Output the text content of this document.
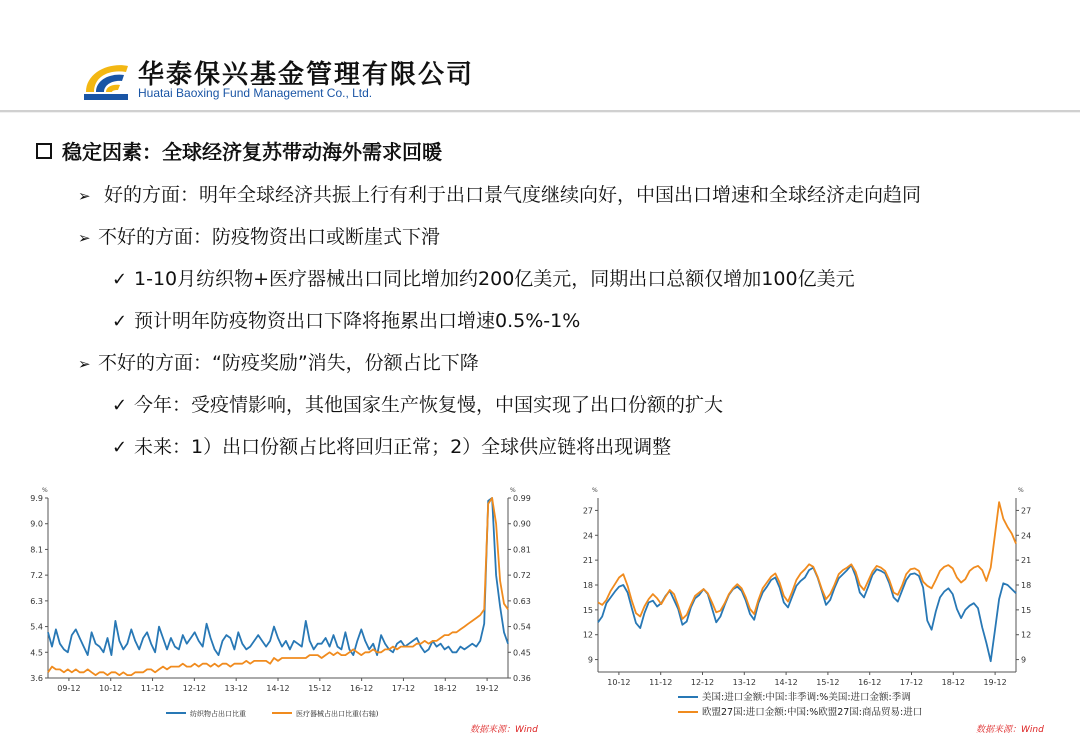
华泰保兴基金管理有限公司
Huatai Baoxing Fund Management Co., Ltd.
稳定因素：全球经济复苏带动海外需求回暖
➢ 好的方面：明年全球经济共振上行有利于出口景气度继续向好，中国出口增速和全球经济走向趋同
➢ 不好的方面：防疫物资出口或断崖式下滑
✓ 1-10月纺织物+医疗器械出口同比增加约200亿美元，同期出口总额仅增加100亿美元
✓ 预计明年防疫物资出口下降将拖累出口增速0.5%-1%
➢ 不好的方面：“防疫奖励”消失，份额占比下降
✓ 今年：受疫情影响，其他国家生产恢复慢，中国实现了出口份额的扩大
✓ 未来：1）出口份额占比将回归正常；2）全球供应链将出现调整
%	%
3.6
4.5
5.4
6.3
7.2
8.1
9.0
9.9
0.36
0.45
0.54
0.63
0.72
0.81
0.90
0.99
09-12 10-12 11-12 12-12 13-12 14-12 15-12 16-12 17-12 18-12 19-12
纺织物占出口比重	医疗器械占出口比重(右轴)
%	%
9
12
15
18
21
24
27
9
12
15
18
21
24
27
10-12 11-12 12-12 13-12 14-12 15-12 16-12 17-12 18-12 19-12
美国:进口金额:中国:非季调:%美国:进口金额:季调
欧盟27国:进口金额:中国:%欧盟27国:商品贸易:进口
数据来源：Wind	数据来源：Wind
